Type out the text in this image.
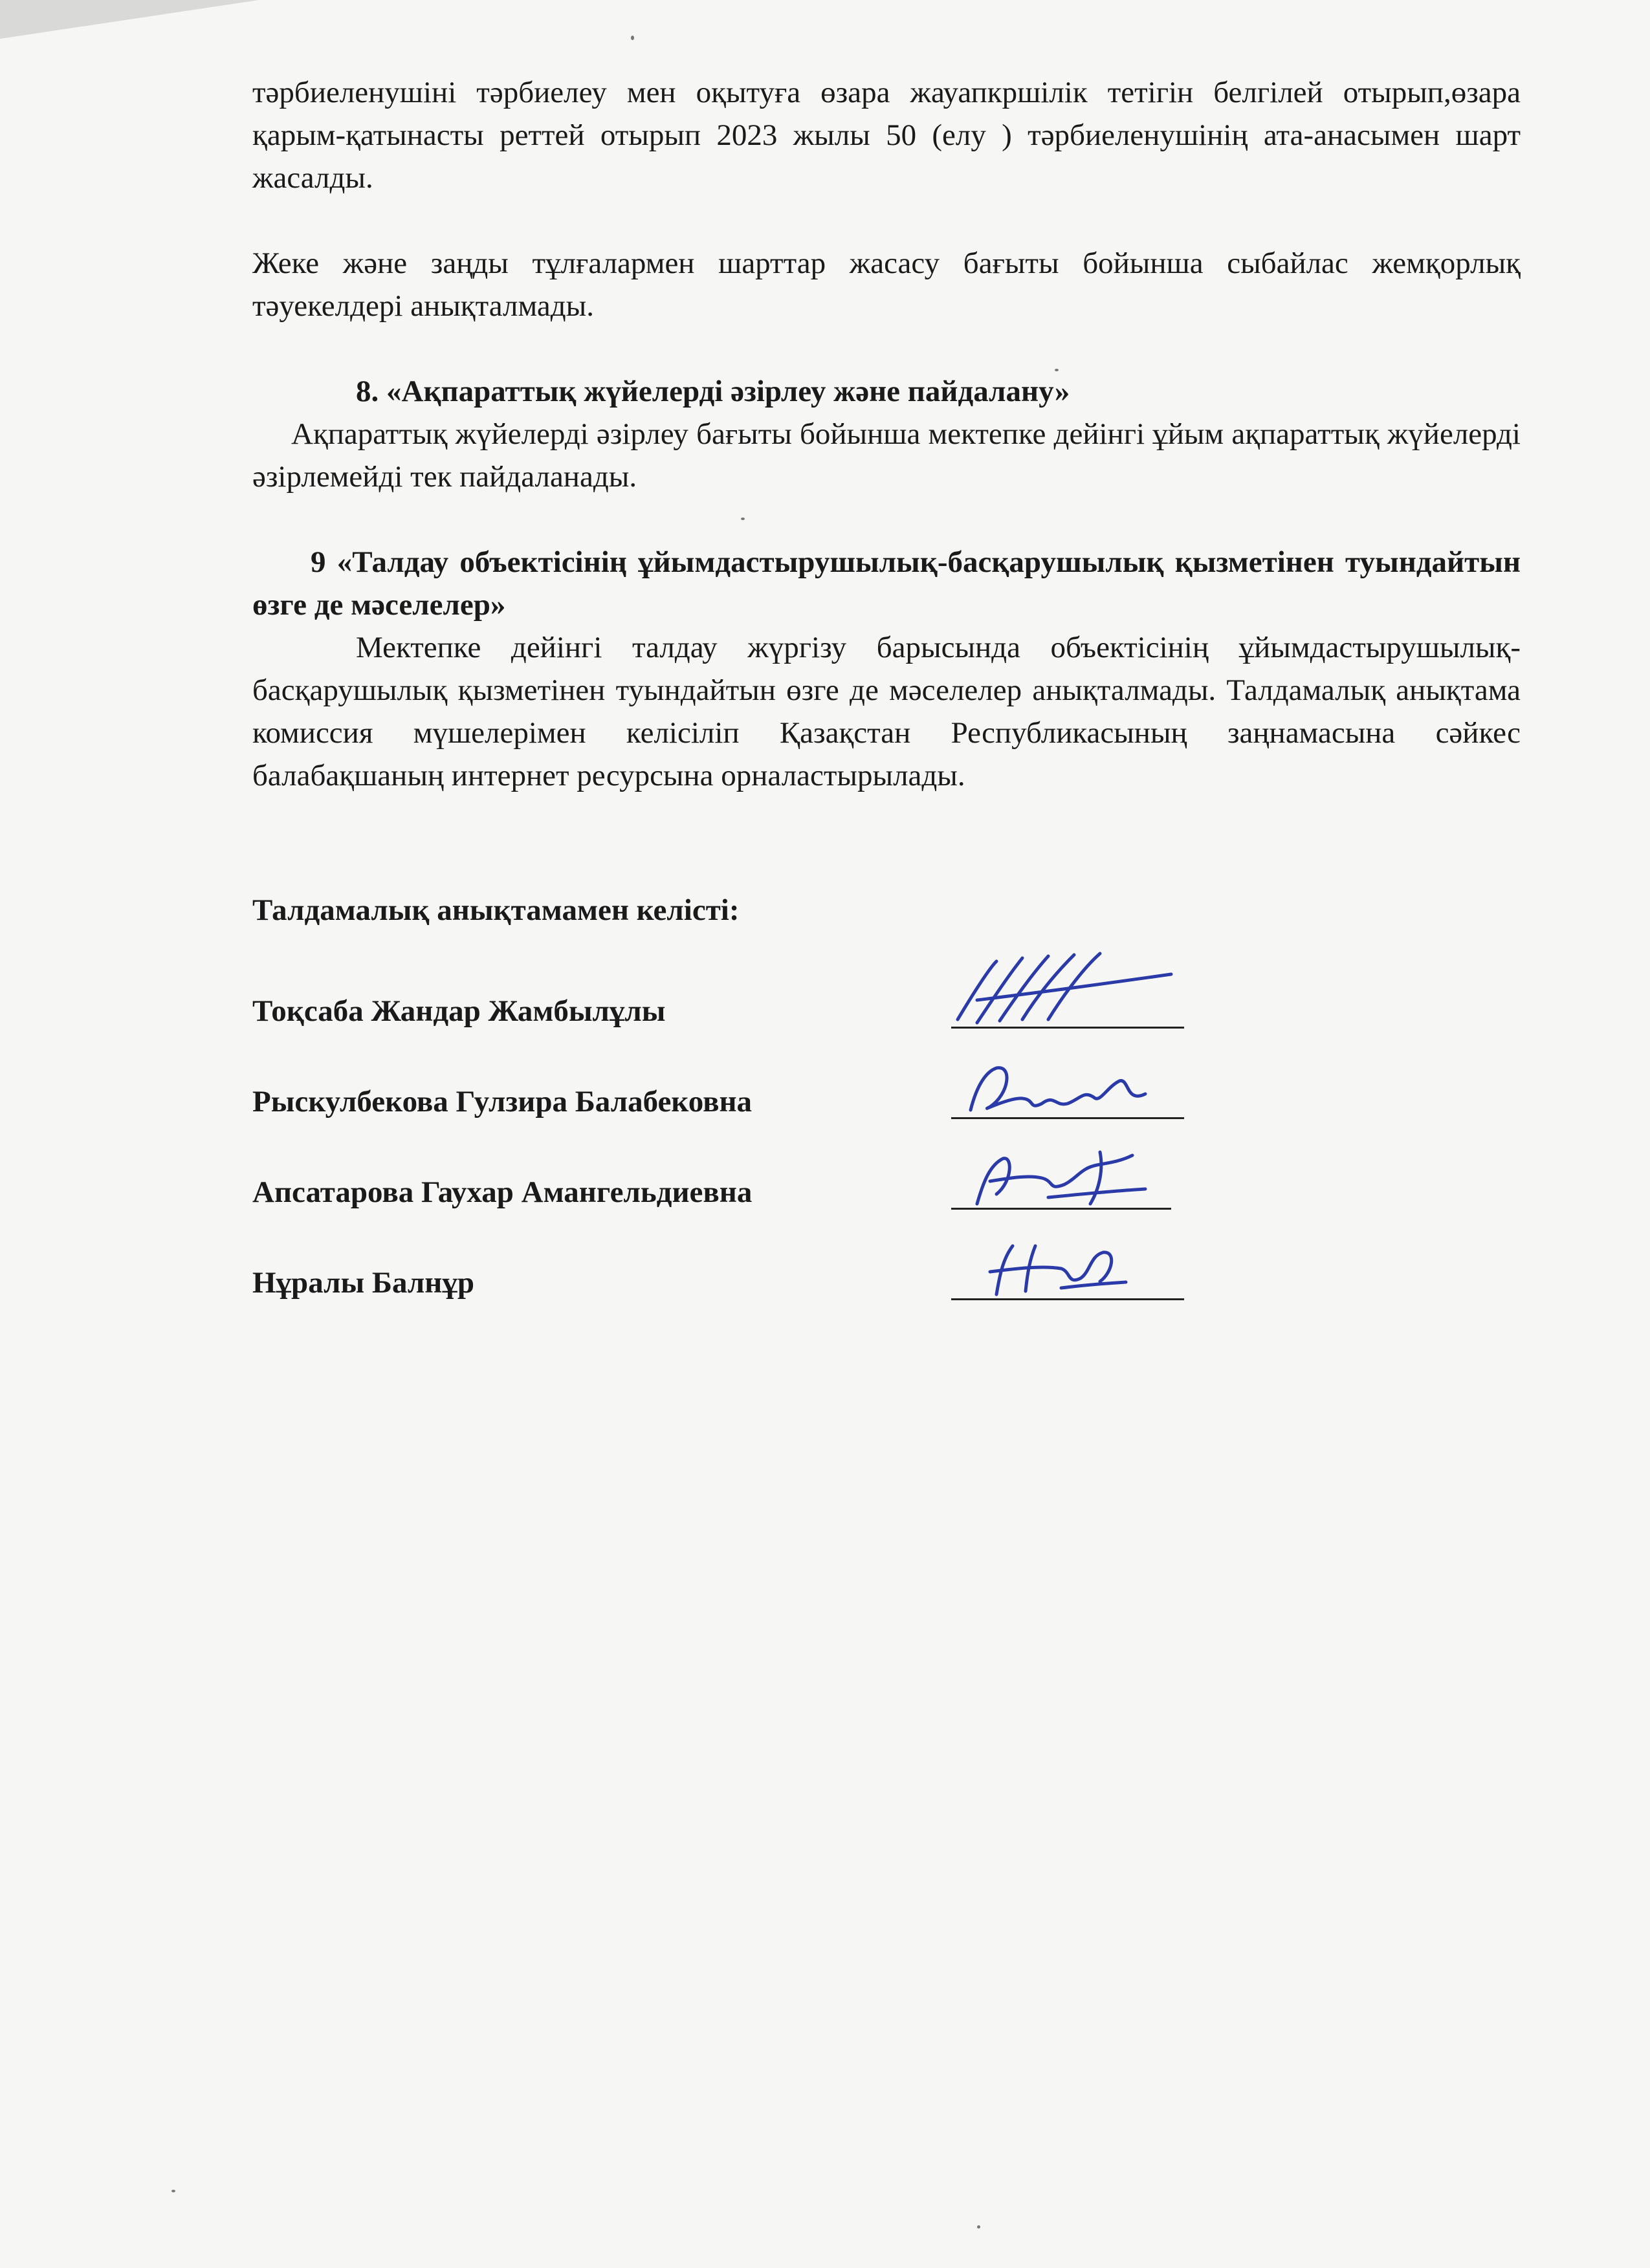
тәрбиеленушіні тәрбиелеу мен оқытуға өзара жауапкршілік тетігін белгілей отырып,өзара қарым-қатынасты реттей отырып 2023 жылы 50 (елу ) тәрбиеленушінің ата-анасымен шарт жасалды.

Жеке және заңды тұлғалармен шарттар жасасу бағыты бойынша сыбайлас жемқорлық тәуекелдері анықталмады.

8. «Ақпараттық жүйелерді әзірлеу және пайдалану»

Ақпараттық жүйелерді әзірлеу бағыты бойынша мектепке дейінгі ұйым ақпараттық жүйелерді әзірлемейді тек пайдаланады.

9 «Талдау объектісінің ұйымдастырушылық-басқарушылық қызметінен туындайтын өзге де мәселелер»

Мектепке дейінгі талдау жүргізу барысында объектісінің ұйымдастырушылық-басқарушылық қызметінен туындайтын өзге де мәселелер анықталмады. Талдамалық анықтама комиссия мүшелерімен келісіліп Қазақстан Республикасының заңнамасына сәйкес балабақшаның интернет ресурсына орналастырылады.

Талдамалық анықтамамен келісті:
Тоқсаба Жандар Жамбылұлы
Рыскулбекова Гулзира Балабековна
Апсатарова Гаухар Амангельдиевна
Нұралы Балнұр
